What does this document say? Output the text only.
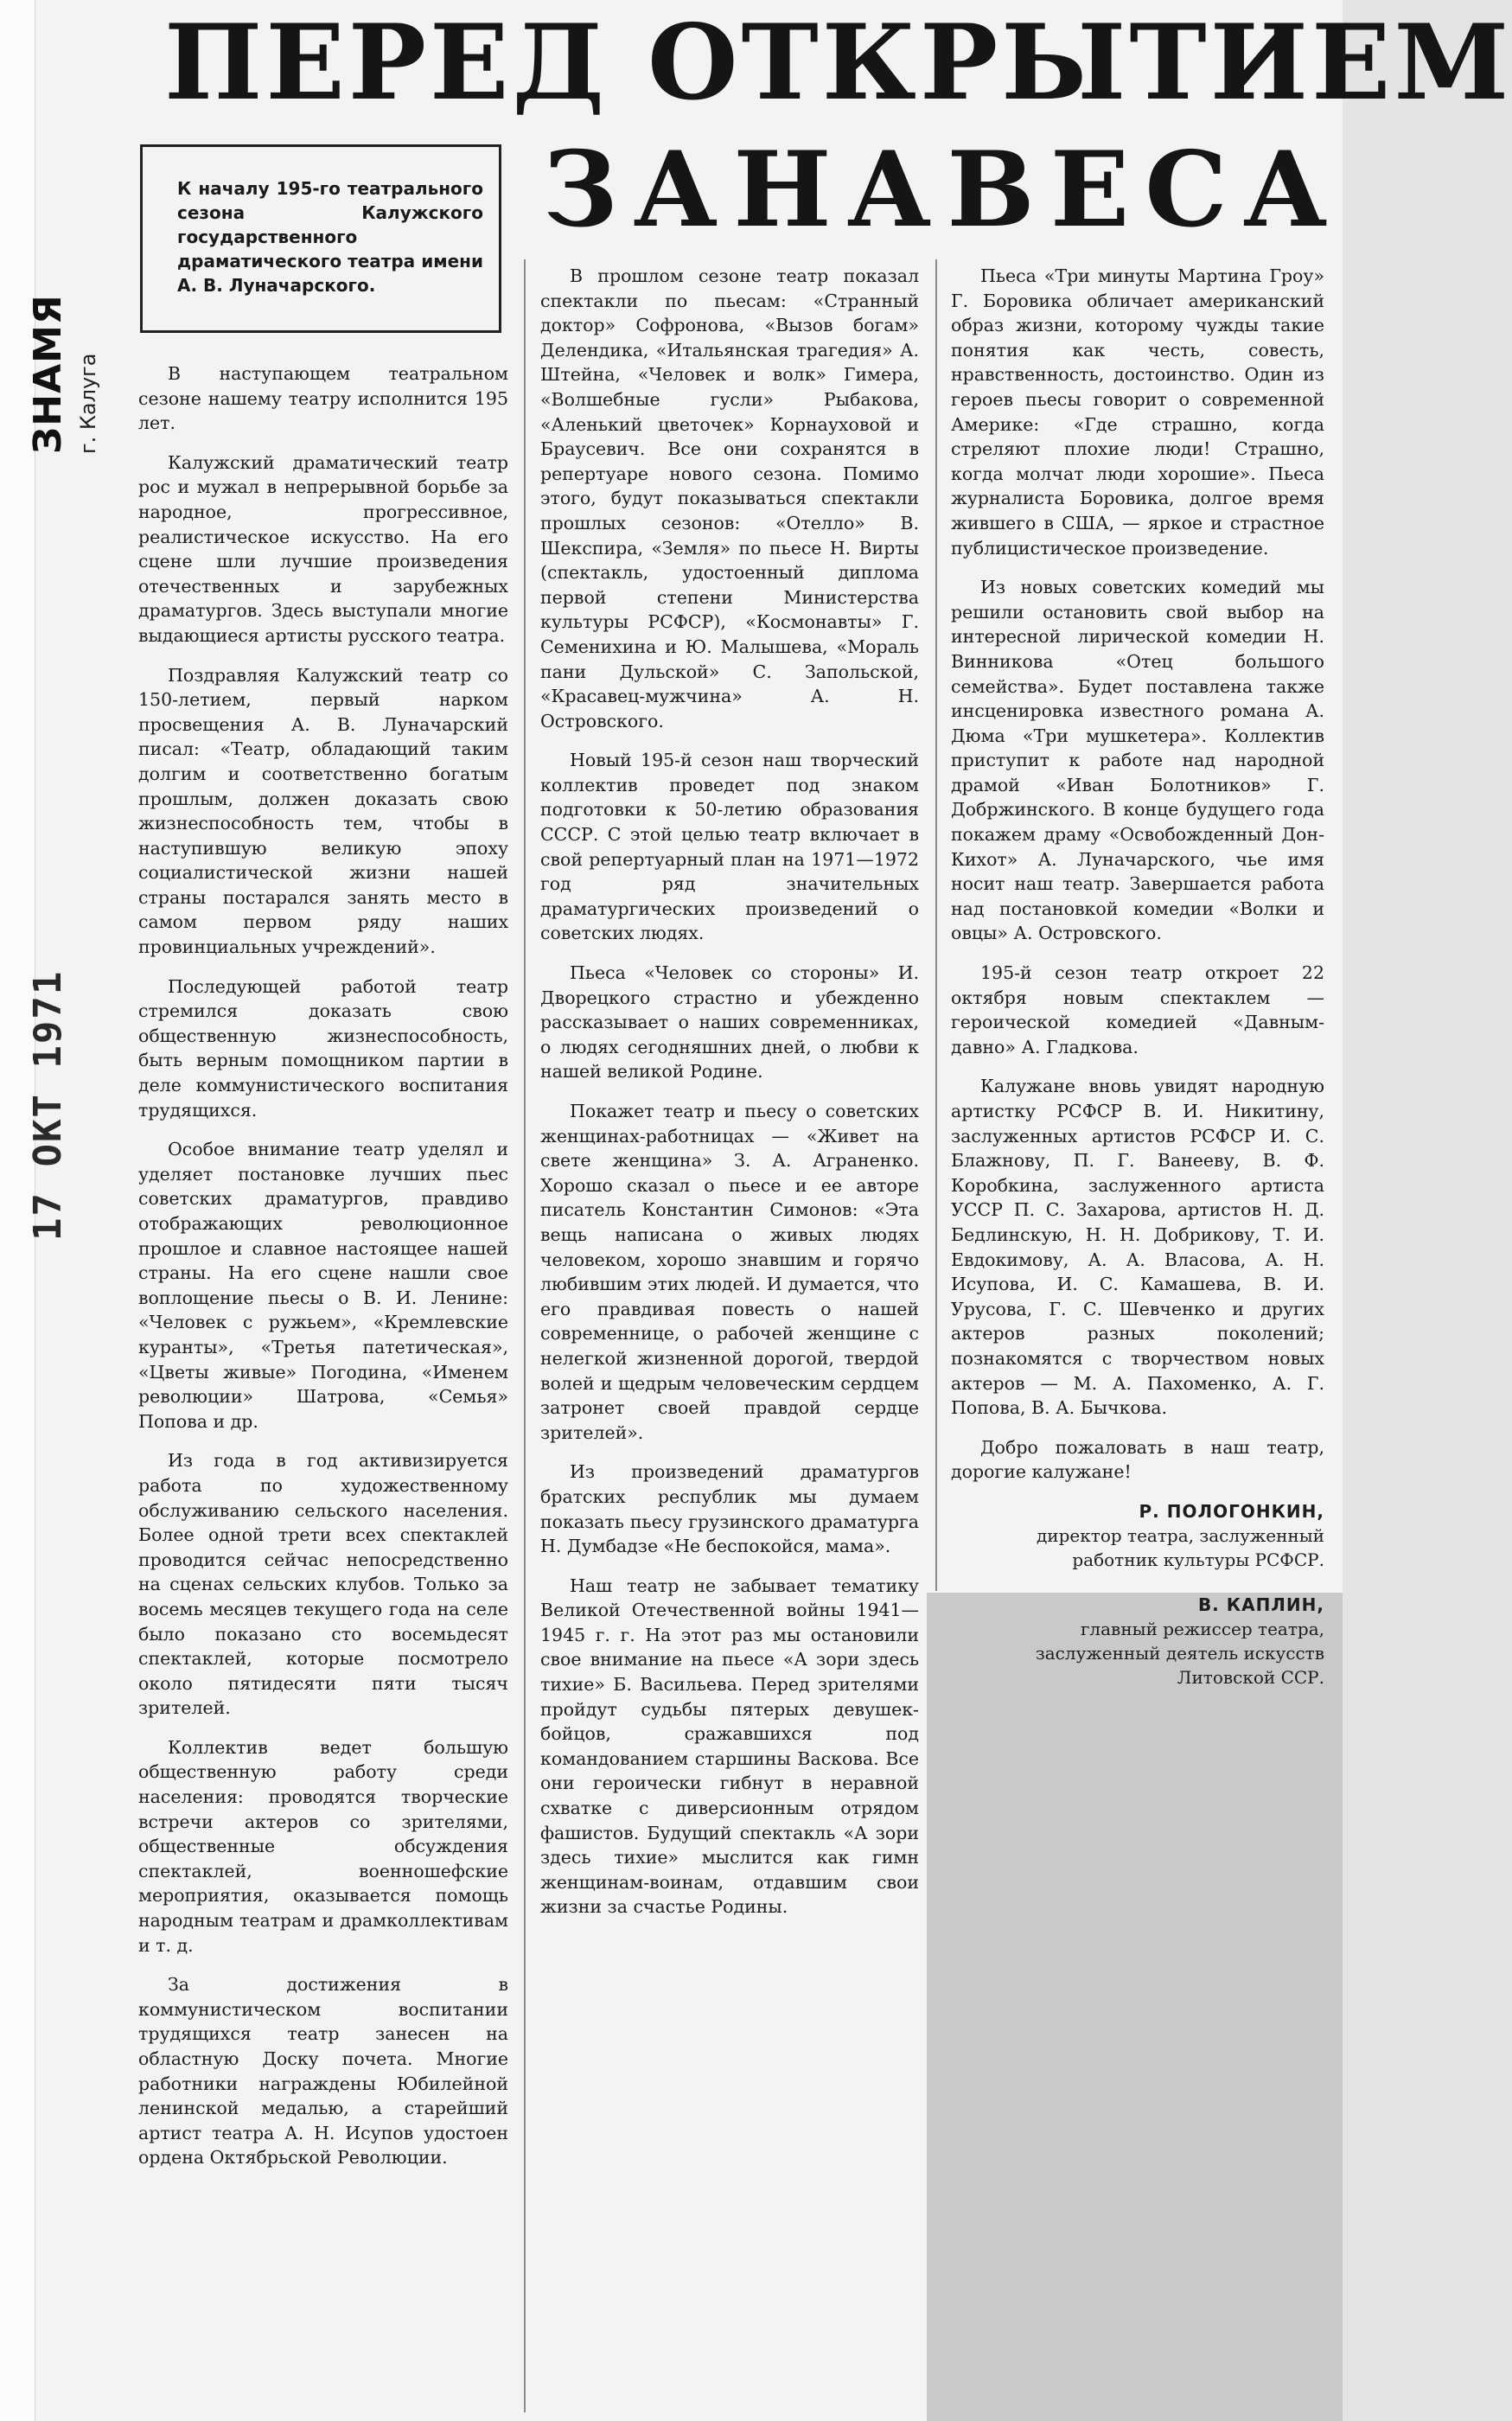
ЗНАМЯ г. Калуга
17 ОКТ 1971
ПЕРЕД ОТКРЫТИЕМ
ЗАНАВЕСА
К началу 195-го театрального сезона Калужского государственного драматического театра имени А. В. Луначарского.

В наступающем театральном сезоне нашему театру исполнится 195 лет.

Калужский драматический театр рос и мужал в непрерывной борьбе за народное, прогрессивное, реалистическое искусство. На его сцене шли лучшие произведения отечественных и зарубежных драматургов. Здесь выступали многие выдающиеся артисты русского театра.

Поздравляя Калужский театр со 150-летием, первый нарком просвещения А. В. Луначарский писал: «Театр, обладающий таким долгим и соответственно богатым прошлым, должен доказать свою жизнеспособность тем, чтобы в наступившую великую эпоху социалистической жизни нашей страны постарался занять место в самом первом ряду наших провинциальных учреждений».

Последующей работой театр стремился доказать свою общественную жизнеспособность, быть верным помощником партии в деле коммунистического воспитания трудящихся.

Особое внимание театр уделял и уделяет постановке лучших пьес советских драматургов, правдиво отображающих революционное прошлое и славное настоящее нашей страны. На его сцене нашли свое воплощение пьесы о В. И. Ленине: «Человек с ружьем», «Кремлевские куранты», «Третья патетическая», «Цветы живые» Погодина, «Именем революции» Шатрова, «Семья» Попова и др.

Из года в год активизируется работа по художественному обслуживанию сельского населения. Более одной трети всех спектаклей проводится сейчас непосредственно на сценах сельских клубов. Только за восемь месяцев текущего года на селе было показано сто восемьдесят спектаклей, которые посмотрело около пятидесяти пяти тысяч зрителей.

Коллектив ведет большую общественную работу среди населения: проводятся творческие встречи актеров со зрителями, общественные обсуждения спектаклей, военношефские мероприятия, оказывается помощь народным театрам и драмколлективам и т. д.

За достижения в коммунистическом воспитании трудящихся театр занесен на областную Доску почета. Многие работники награждены Юбилейной ленинской медалью, а старейший артист театра А. Н. Исупов удостоен ордена Октябрьской Революции.

В прошлом сезоне театр показал спектакли по пьесам: «Странный доктор» Софронова, «Вызов богам» Делендика, «Итальянская трагедия» А. Штейна, «Человек и волк» Гимера, «Волшебные гусли» Рыбакова, «Аленький цветочек» Корнауховой и Браусевич. Все они сохранятся в репертуаре нового сезона. Помимо этого, будут показываться спектакли прошлых сезонов: «Отелло» В. Шекспира, «Земля» по пьесе Н. Вирты (спектакль, удостоенный диплома первой степени Министерства культуры РСФСР), «Космонавты» Г. Семенихина и Ю. Малышева, «Мораль пани Дульской» С. Запольской, «Красавец-мужчина» А. Н. Островского.

Новый 195-й сезон наш творческий коллектив проведет под знаком подготовки к 50-летию образования СССР. С этой целью театр включает в свой репертуарный план на 1971—1972 год ряд значительных драматургических произведений о советских людях.

Пьеса «Человек со стороны» И. Дворецкого страстно и убежденно рассказывает о наших современниках, о людях сегодняшних дней, о любви к нашей великой Родине.

Покажет театр и пьесу о советских женщинах-работницах — «Живет на свете женщина» З. А. Аграненко. Хорошо сказал о пьесе и ее авторе писатель Константин Симонов: «Эта вещь написана о живых людях человеком, хорошо знавшим и горячо любившим этих людей. И думается, что его правдивая повесть о нашей современнице, о рабочей женщине с нелегкой жизненной дорогой, твердой волей и щедрым человеческим сердцем затронет своей правдой сердце зрителей».

Из произведений драматургов братских республик мы думаем показать пьесу грузинского драматурга Н. Думбадзе «Не беспокойся, мама».

Наш театр не забывает тематику Великой Отечественной войны 1941—1945 г. г. На этот раз мы остановили свое внимание на пьесе «А зори здесь тихие» Б. Васильева. Перед зрителями пройдут судьбы пятерых девушек-бойцов, сражавшихся под командованием старшины Васкова. Все они героически гибнут в неравной схватке с диверсионным отрядом фашистов. Будущий спектакль «А зори здесь тихие» мыслится как гимн женщинам-воинам, отдавшим свои жизни за счастье Родины.

Пьеса «Три минуты Мартина Гроу» Г. Боровика обличает американский образ жизни, которому чужды такие понятия как честь, совесть, нравственность, достоинство. Один из героев пьесы говорит о современной Америке: «Где страшно, когда стреляют плохие люди! Страшно, когда молчат люди хорошие». Пьеса журналиста Боровика, долгое время жившего в США, — яркое и страстное публицистическое произведение.

Из новых советских комедий мы решили остановить свой выбор на интересной лирической комедии Н. Винникова «Отец большого семейства». Будет поставлена также инсценировка известного романа А. Дюма «Три мушкетера». Коллектив приступит к работе над народной драмой «Иван Болотников» Г. Добржинского. В конце будущего года покажем драму «Освобожденный Дон-Кихот» А. Луначарского, чье имя носит наш театр. Завершается работа над постановкой комедии «Волки и овцы» А. Островского.

195-й сезон театр откроет 22 октября новым спектаклем — героической комедией «Давным-давно» А. Гладкова.

Калужане вновь увидят народную артистку РСФСР В. И. Никитину, заслуженных артистов РСФСР И. С. Блажнову, П. Г. Ванееву, В. Ф. Коробкина, заслуженного артиста УССР П. С. Захарова, артистов Н. Д. Бедлинскую, Н. Н. Добрикову, Т. И. Евдокимову, А. А. Власова, А. Н. Исупова, И. С. Камашева, В. И. Урусова, Г. С. Шевченко и других актеров разных поколений; познакомятся с творчеством новых актеров — М. А. Пахоменко, А. Г. Попова, В. А. Бычкова.

Добро пожаловать в наш театр, дорогие калужане!

Р. ПОЛОГОНКИН,
директор театра, заслуженный работник культуры РСФСР.
В. КАПЛИН,
главный режиссер театра, заслуженный деятель искусств Литовской ССР.
